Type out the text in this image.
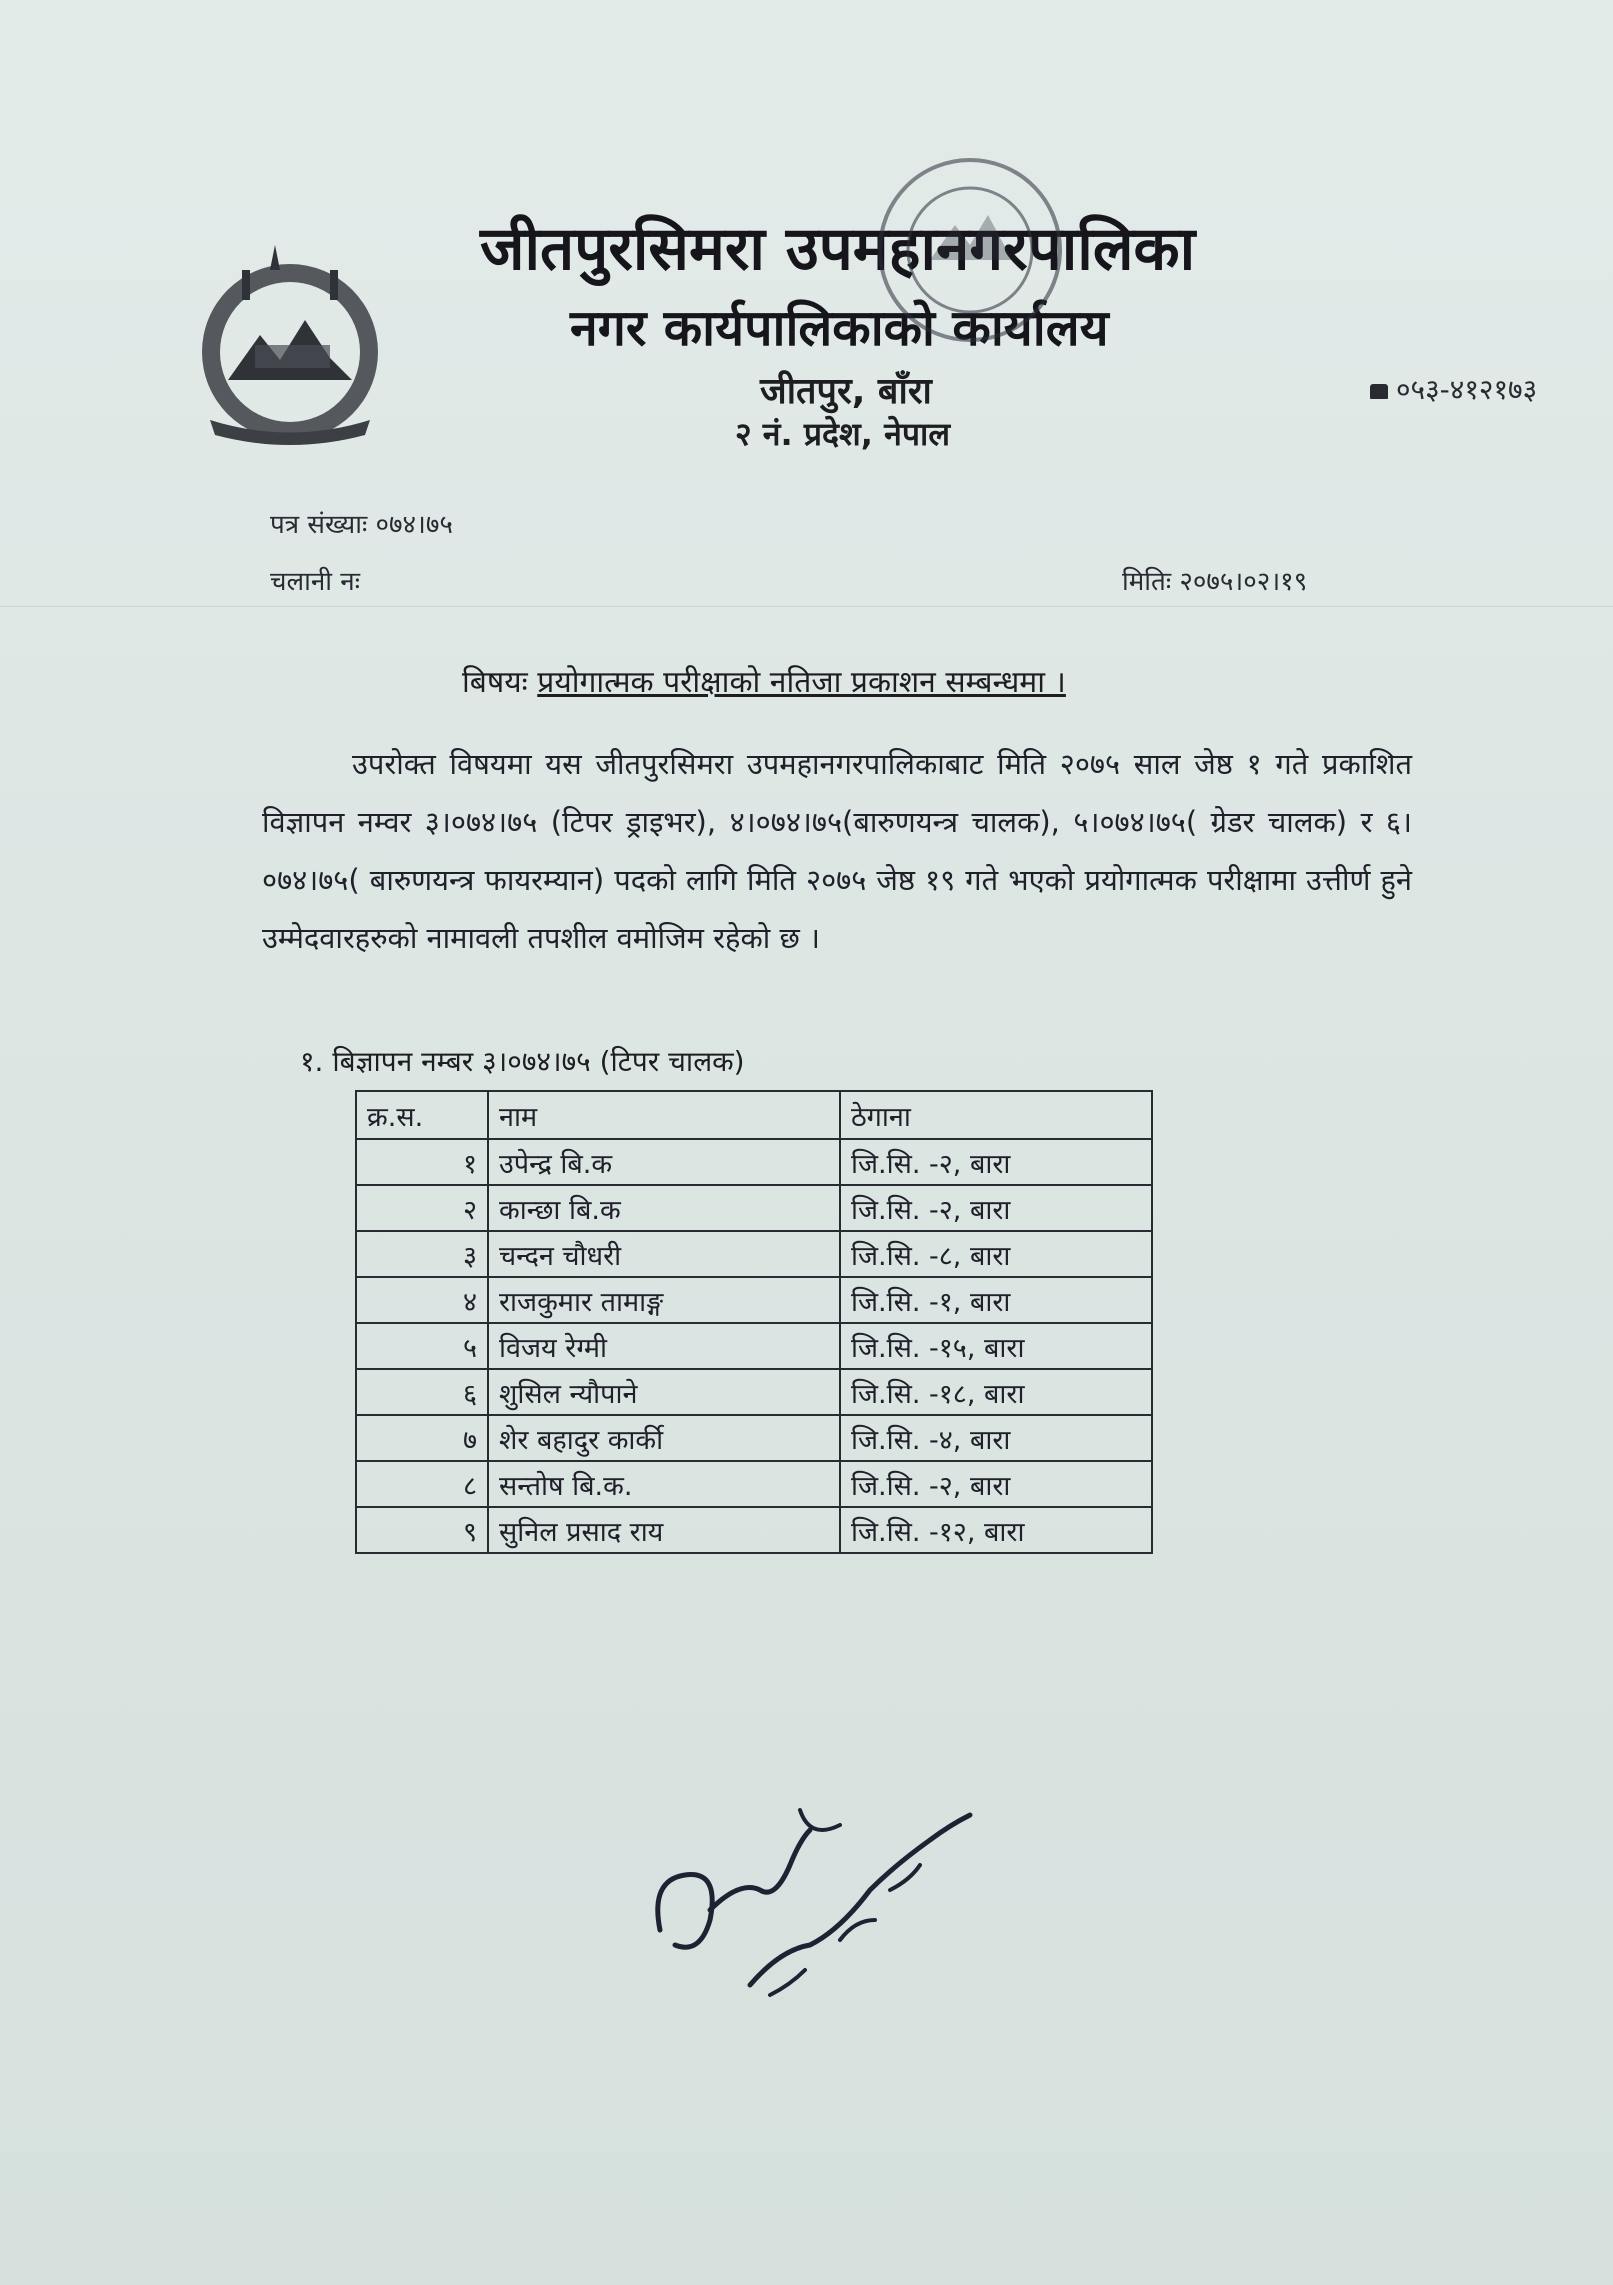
जीतपुरसिमरा उपमहानगरपालिका
नगर कार्यपालिकाको कार्यालय
जीतपुर, बाँरा
२ नं. प्रदेश, नेपाल
०५३-४१२१७३
पत्र संख्याः ०७४।७५
चलानी नः	मितिः २०७५।०२।१९
बिषयः प्रयोगात्मक परीक्षाको नतिजा प्रकाशन सम्बन्धमा ।
उपरोक्त विषयमा यस जीतपुरसिमरा उपमहानगरपालिकाबाट मिति २०७५ साल जेष्ठ १ गते प्रकाशित विज्ञापन नम्वर ३।०७४।७५ (टिपर ड्राइभर), ४।०७४।७५(बारुणयन्त्र चालक), ५।०७४।७५( ग्रेडर चालक) र ६।०७४।७५( बारुणयन्त्र फायरम्यान) पदको लागि मिति २०७५ जेष्ठ १९ गते भएको प्रयोगात्मक परीक्षामा उत्तीर्ण हुने उम्मेदवारहरुको नामावली तपशील वमोजिम रहेको छ ।
१. बिज्ञापन नम्बर ३।०७४।७५ (टिपर चालक)
क्र.स.	नाम	ठेगाना
१	उपेन्द्र बि.क	जि.सि. -२, बारा
२	कान्छा बि.क	जि.सि. -२, बारा
३	चन्दन चौधरी	जि.सि. -८, बारा
४	राजकुमार तामाङ्ग	जि.सि. -१, बारा
५	विजय रेग्मी	जि.सि. -१५, बारा
६	शुसिल न्यौपाने	जि.सि. -१८, बारा
७	शेर बहादुर कार्की	जि.सि. -४, बारा
८	सन्तोष बि.क.	जि.सि. -२, बारा
९	सुनिल प्रसाद राय	जि.सि. -१२, बारा
